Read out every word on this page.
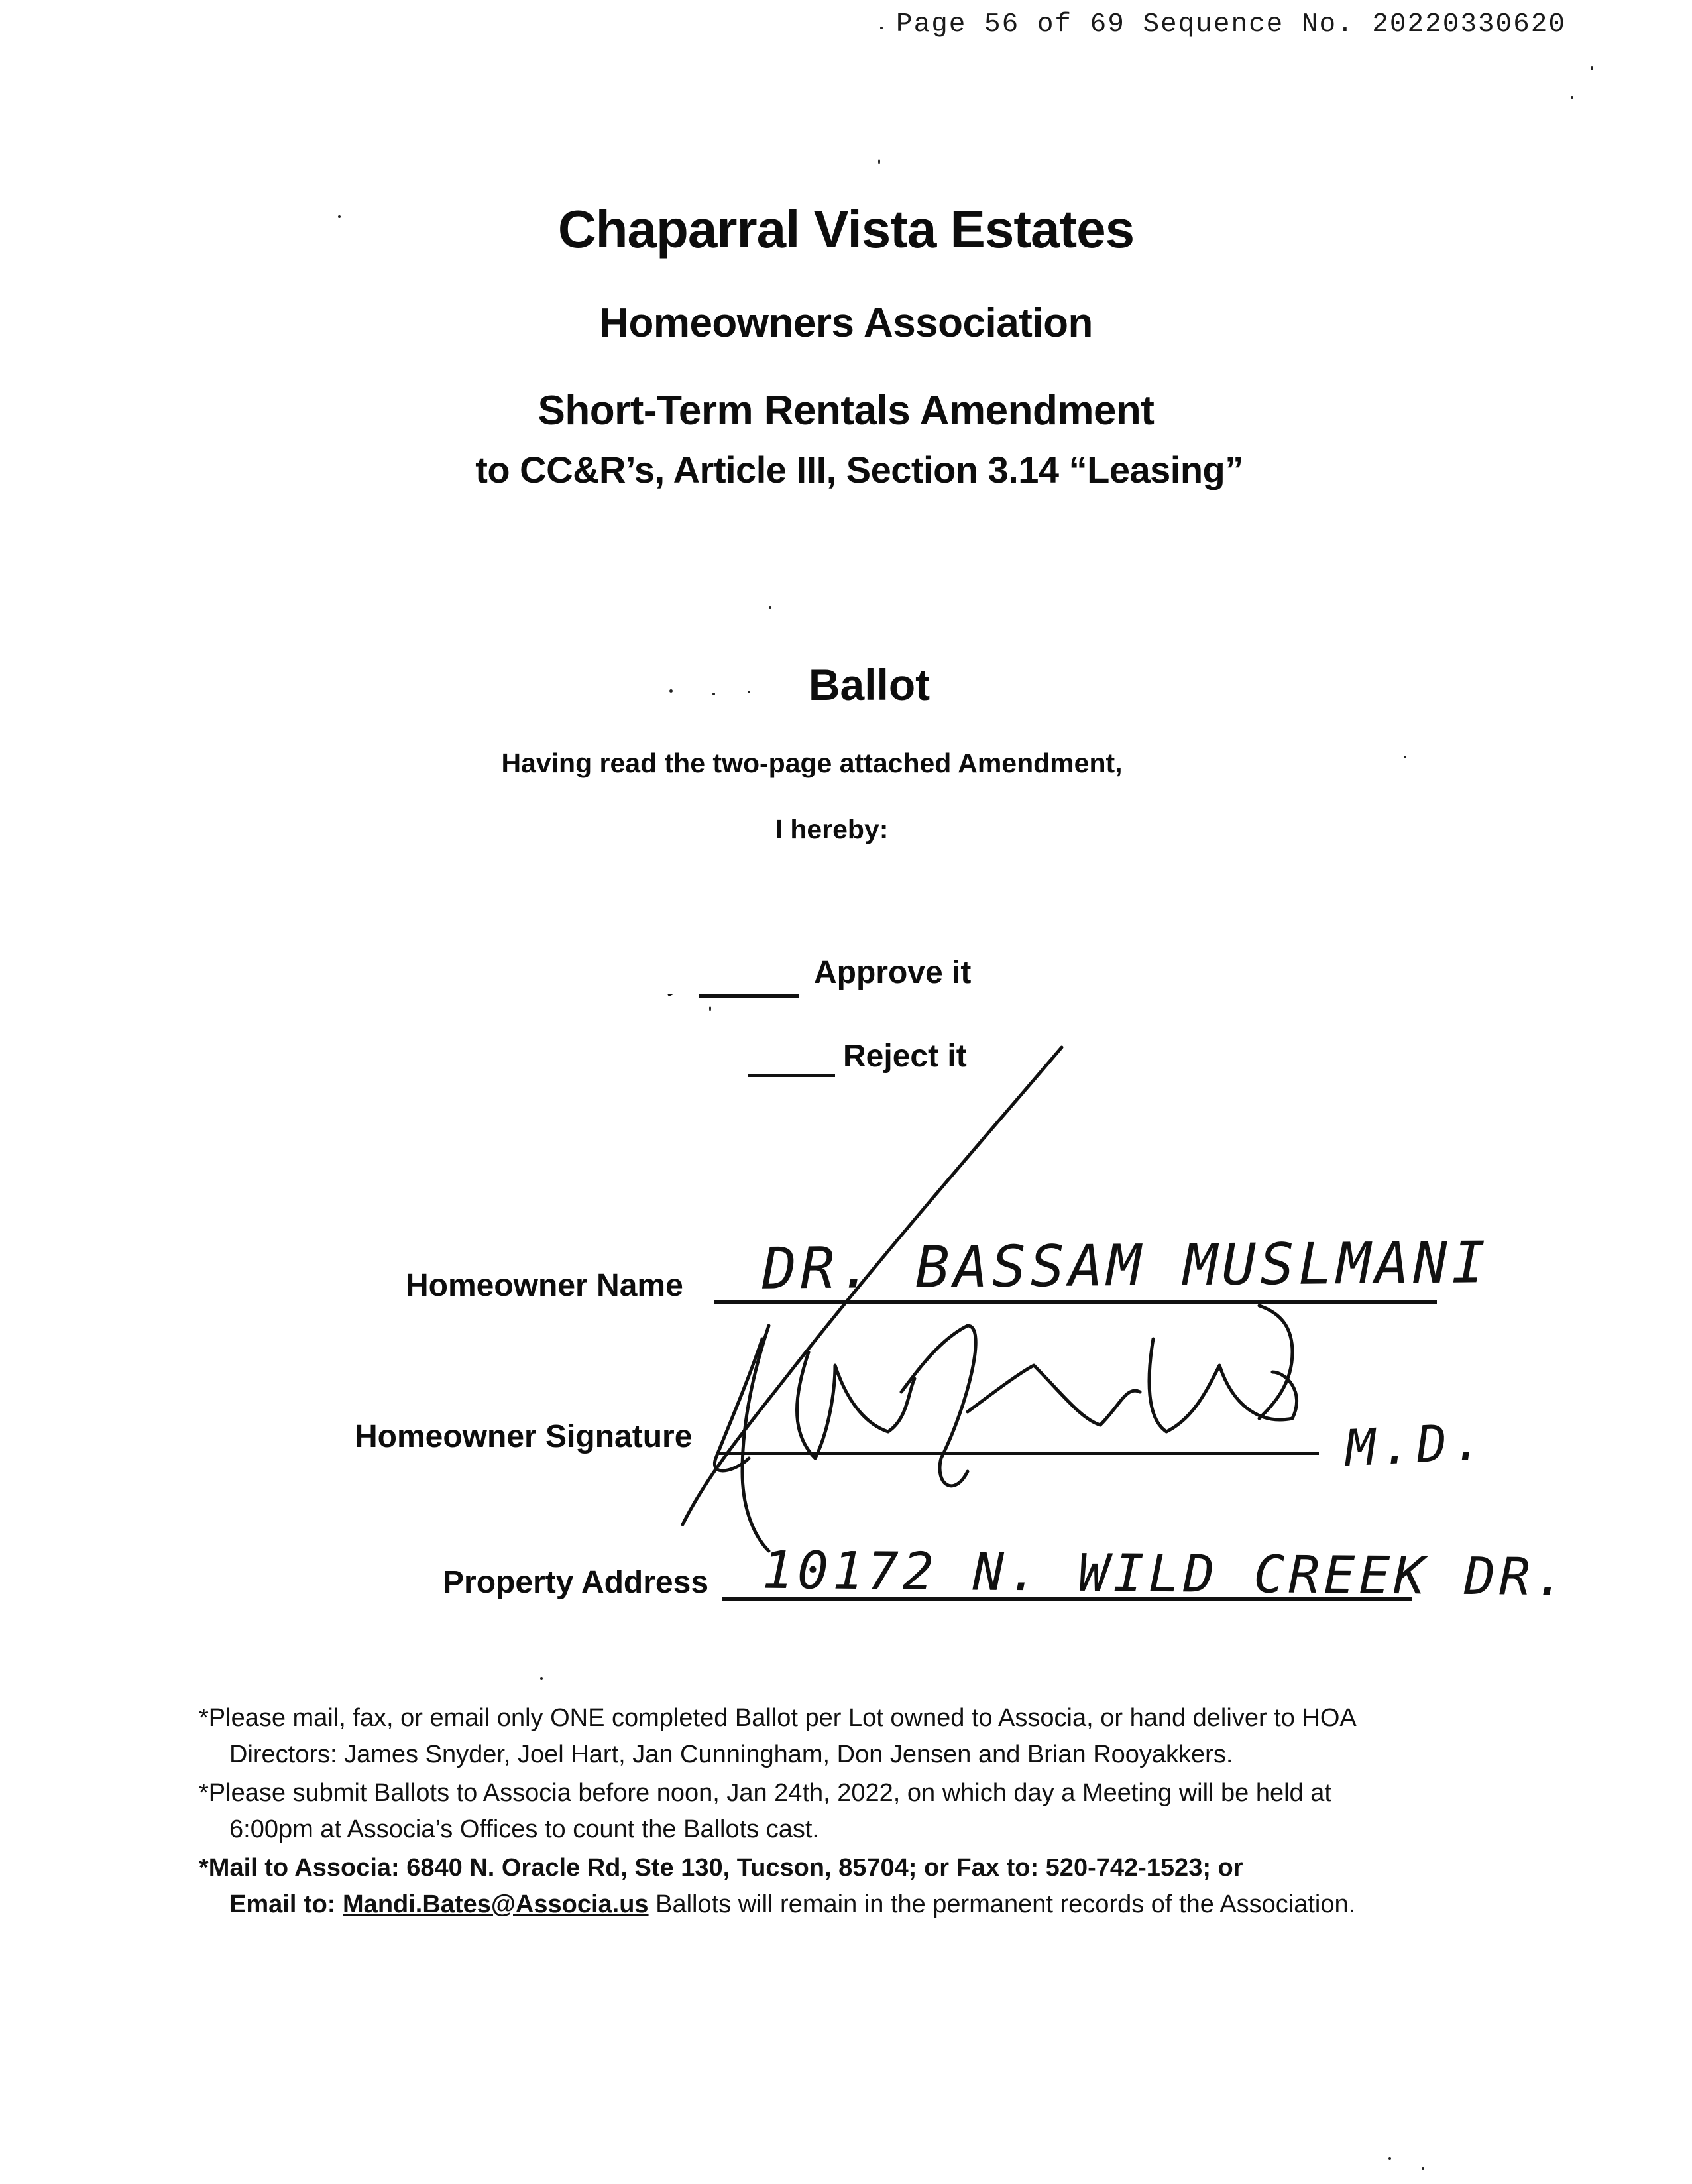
Page 56 of 69 Sequence No. 20220330620
Chaparral Vista Estates
Homeowners Association
Short-Term Rentals Amendment
to CC&R’s, Article III, Section 3.14 “Leasing”
Ballot
Having read the two-page attached Amendment,
I hereby:
Approve it
Reject it
Homeowner Name DR. BASSAM MUSLMANI
Homeowner Signature	M.D.
Property Address 10172 N. WILD CREEK DR.
*Please mail, fax, or email only ONE completed Ballot per Lot owned to Associa, or hand deliver to HOA
Directors: James Snyder, Joel Hart, Jan Cunningham, Don Jensen and Brian Rooyakkers.
*Please submit Ballots to Associa before noon, Jan 24th, 2022, on which day a Meeting will be held at
6:00pm at Associa’s Offices to count the Ballots cast.
*Mail to Associa: 6840 N. Oracle Rd, Ste 130, Tucson, 85704; or Fax to: 520-742-1523; or
Email to: Mandi.Bates@Associa.us Ballots will remain in the permanent records of the Association.
